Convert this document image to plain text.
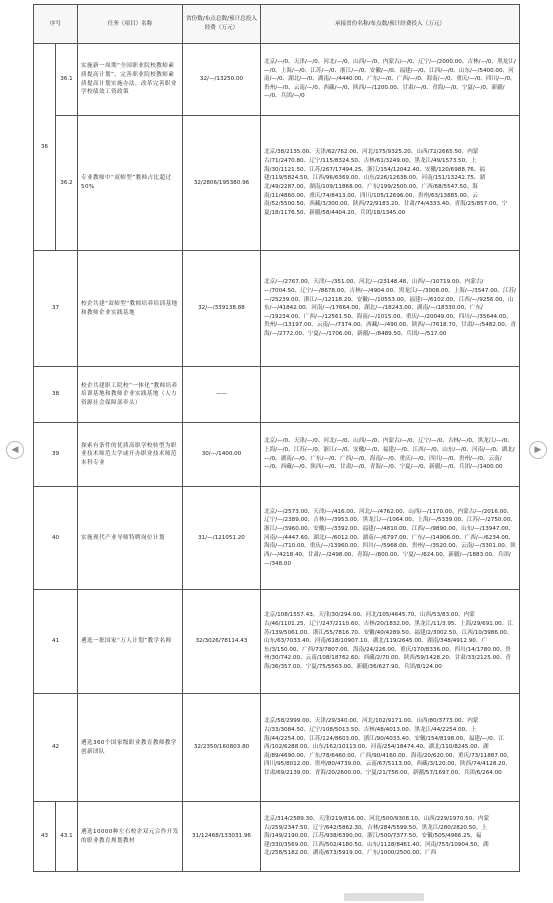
序号		任务（项目）名称	省份数/布点总数/预计总投入经费（万元）	承接省份名称/布点数/预计经费投入（万元）
36	36.1	实施新一周期“全国职业院校教师素质提高计划”，完善职业院校教师素质提高计划实施办法，改革完善职业学校绩效工资政策	32/—/13250.00	北京/—/0、天津/—/0、河北/—/0、山西/—/0、内蒙古/—/0、辽宁/—/2000.00、吉林/—/0、黑龙江/—/0、上海/—/0、江苏/—/0、浙江/—/0、安徽/—/0、福建/—/0、江西/—/0、山东/—/5400.00、河南/—/0、湖北/—/0、湖南/—/4440.00、广东/—/0、广西/—/0、海南/—/0、重庆/—/0、四川/—/0、贵州/—/0、云南/—/0、西藏/—/0、陕西/—/1200.00、甘肃/—/0、青海/—/0、宁夏/—/0、新疆/—/0、兵团/—/0
	36.2	专业教师中“双师型”教师占比超过50%	32/2806/195380.96	北京/38/2135.00、天津/62/762.00、河北/175/9325.20、山西/72/2665.50、内蒙古/71/2470.80、辽宁/115/8324.50、吉林/61/3249.00、黑龙江/49/1573.50、上海/30/1121.50、江苏/267/17494.25、浙江/154/12042.40、安徽/120/6988.76、福建/119/5824.50、江西/96/6369.00、山东/226/12638.00、河南/151/13242.75、湖北/49/2287.00、湖南/109/11868.00、广东/199/2500.00、广西/68/5547.50、海南/11/4860.00、重庆/74/8413.00、四川/105/12696.00、贵州/63/13885.00、云南/52/5500.50、西藏/3/300.00、陕西/72/9183.20、甘肃/74/4333.40、青海/25/857.00、宁夏/18/1176.50、新疆/58/4404.20、兵团/18/1345.00
37		校企共建“双师型”教师培养培训基地和教师企业实践基地	32/—/339138.88	北京/—/2767.00、天津/—/351.00、河北/—/23148.48、山西/—/10719.00、内蒙古/—/7004.50、辽宁/—/8678.00、吉林/—/4904.00、黑龙江/—/3008.00、上海/—/3547.00、江苏/—/25239.00、浙江/—/12118.20、安徽/—/10553.00、福建/—/6102.00、江西/—/9256.00、山东/—/41842.00、河南/—/17664.00、湖北/—/18243.00、湖南/—/18330.00、广东/—/19234.00、广西/—/12561.50、海南/—/1015.00、重庆/—/20049.00、四川/—/35644.00、贵州/—/13197.00、云南/—/7374.00、西藏/—/490.00、陕西/—/7618.70、甘肃/—/5482.00、青海/—/2772.00、宁夏/—/1706.00、新疆/—/8489.50、兵团/—/517.00
38		校企共建职工院校“一体化”教师培养培训基地和教师企业实践基地（人力资源社会保障部牵头）	——	
39		探索有条件的优质高职学校转型为职业技术师范大学或开办职业技术师范本科专业	30/—/1400.00	北京/—/0、天津/—/0、河北/—/0、山西/—/0、内蒙古/—/0、辽宁/—/0、吉林/—/0、黑龙江/—/0、上海/—/0、江苏/—/0、浙江/—/0、安徽/—/0、福建/—/0、江西/—/0、山东/—/0、河南/—/0、湖北/—/0、湖南/—/0、广东/—/0、广西/—/0、海南/—/0、重庆/—/0、四川/—/0、贵州/—/0、云南/—/0、西藏/—/0、陕西/—/0、甘肃/—/0、青海/—/0、宁夏/—/0、新疆/—/0、兵团/—/1400.00
40		实施现代产业导师特聘岗位计划	31/—/121051.20	北京/—/2573.00、天津/—/416.00、河北/—/4762.00、山西/—/1170.00、内蒙古/—/2016.00、辽宁/—/2389.00、吉林/—/3953.00、黑龙江/—/1064.00、上海/—/5339.00、江苏/—/2750.00、浙江/—/3960.00、安徽/—/3392.00、福建/—/4810.00、江西/—/9890.00、山东/—/13947.00、河南/—/4447.60、湖北/—/6012.00、湖南/—/6797.00、广东/—/14906.00、广西/—/6234.00、海南/—/710.00、重庆/—/13960.00、四川/—/5968.00、贵州/—/3520.00、云南/—/3301.00、陕西/—/4218.40、甘肃/—/2498.00、青海/—/800.00、宁夏/—/624.00、新疆/—/1883.00、兵团/—/348.00
41		遴选一批国家“万人计划”教学名师	32/3026/78114.43	北京/108/1557.43、天津/30/294.00、河北/105/4645.70、山西/53/83.00、内蒙古/46/1101.25、辽宁/247/2110.60、吉林/20/1832.00、黑龙江/11/3.95、上海/29/691.00、江苏/139/5061.00、浙江/55/7816.70、安徽/40/4289.50、福建/2/3002.50、江西/10/3986.00、山东/63/7033.40、河南/618/10907.10、湖北/119/2645.00、湖南/348/4912.90、广东/3/150.00、广西/73/7807.00、海南/24/226.00、重庆/170/8336.00、四川/14/1780.00、贵州/30/742.00、云南/108/18762.60、西藏/2/70.00、陕西/59/1428.20、甘肃/33/2125.00、青海/36/357.00、宁夏/75/5563.00、新疆/36/627.90、兵团/8/124.00
42		遴选360个国家级职业教育教师教学创新团队	32/2350/160803.80	北京/58/2999.00、天津/29/340.00、河北/102/9171.00、山西/80/3773.00、内蒙古/33/3084.50、辽宁/108/5013.50、吉林/48/4013.00、黑龙江/44/2254.00、上海/44/2254.00、江苏/124/8603.00、浙江/90/4033.40、安徽/154/8198.00、福建/—/0、江西/102/6288.00、山东/162/10113.00、河南/254/18474.40、湖北/110/8245.00、湖南/89/4690.00、广东/78/6460.00、广西/90/4160.00、海南/20/620.00、重庆/73/11887.00、四川/95/8012.00、贵州/80/4739.00、云南/67/5113.00、西藏/3/120.00、陕西/74/4128.20、甘肃/69/2139.00、青海/20/2600.00、宁夏/21/756.00、新疆/57/1697.00、兵团/6/264.00
43	43.1	遴选10000种左右校企双元合作开发的职业教育规划教材	31/12468/133031.96	北京/314/2589.30、天津/219/816.00、河北/500/9308.10、山西/229/1970.50、内蒙古/259/2347.50、辽宁/642/5862.30、吉林/284/5599.50、黑龙江/280/2820.50、上海/149/2190.00、江苏/938/6390.00、浙江/500/7377.50、安徽/505/4966.25、福建/330/3569.00、江西/502/4180.50、山东/1128/8461.40、河南/753/10904.50、湖北/258/5182.00、湖南/673/5919.00、广东/1000/2500.00、广西
◀	▶
